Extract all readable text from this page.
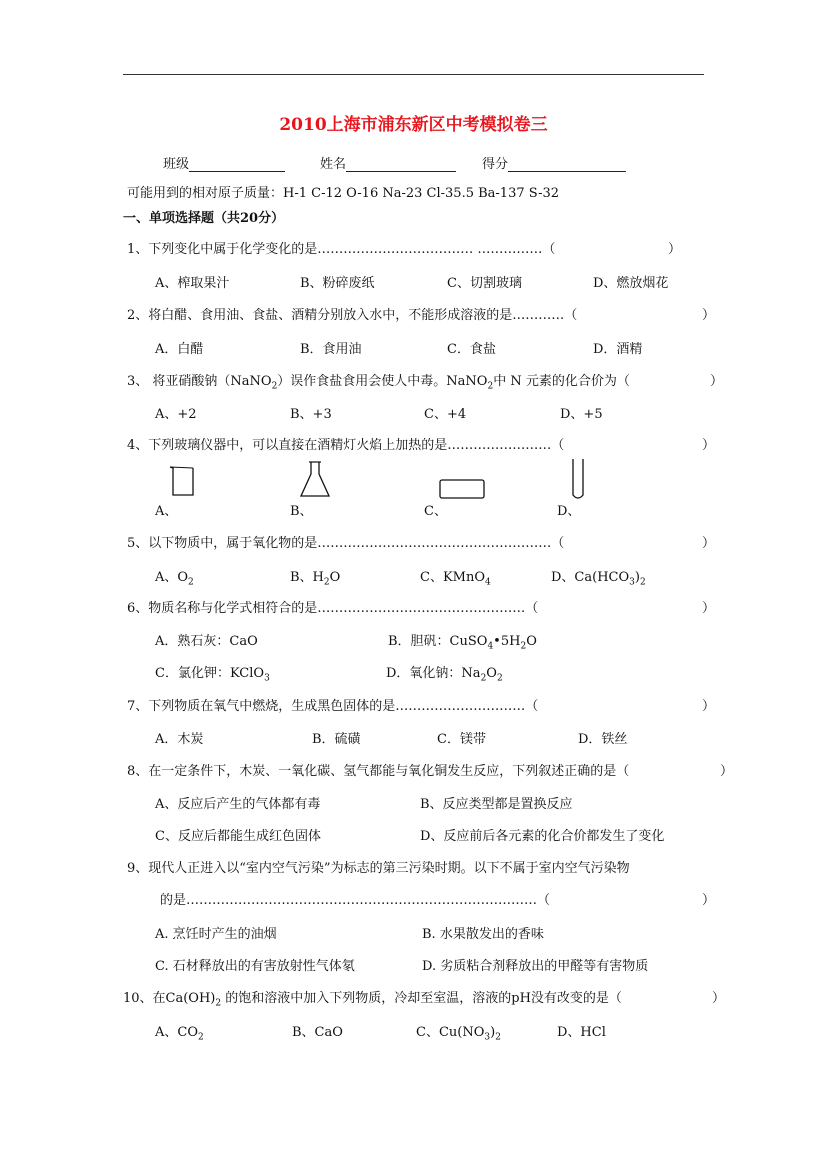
2010上海市浦东新区中考模拟卷三
班级	姓名	得分
可能用到的相对原子质量：H-1 C-12 O-16 Na-23 Cl-35.5 Ba-137 S-32
一、单项选择题（共20分）
1、下列变化中属于化学变化的是……………………………… ……………（	）
A、榨取果汁	B、粉碎废纸	C、切割玻璃	D、燃放烟花
2、将白醋、食用油、食盐、酒精分别放入水中，不能形成溶液的是…………（	）
A．白醋	B．食用油	C．食盐	D．酒精
3、 将亚硝酸钠（NaNO$_2$）误作食盐食用会使人中毒。NaNO$_2$中 N 元素的化合价为（	）
A、+2	B、+3	C、+4	D、+5
4、下列玻璃仪器中，可以直接在酒精灯火焰上加热的是……………………（	）
A、	B、	C、	D、
5、以下物质中，属于氧化物的是………………………………………………（	）
A、$O_2$	B、$H_2O$	C、KMnO$_4$	D、$Ca(HCO_3)_2$
6、物质名称与化学式相符合的是…………………………………………（	）
A．熟石灰：CaO	B．胆矾：$CuSO_4•5H_2O$
C．氯化钾：KClO$_3$	D．氧化钠：$Na_2O_2$
7、下列物质在氧气中燃烧，生成黑色固体的是…………………………（	）
A．木炭	B．硫磺	C．镁带	D．铁丝
8、在一定条件下，木炭、一氧化碳、氢气都能与氧化铜发生反应，下列叙述正确的是（	）
A、反应后产生的气体都有毒	B、反应类型都是置换反应
C、反应后都能生成红色固体	D、反应前后各元素的化合价都发生了变化
9、现代人正进入以“室内空气污染”为标志的第三污染时期。以下不属于室内空气污染物
的是………………………………………………………………………（	）
A. 烹饪时产生的油烟	B. 水果散发出的香味
C. 石材释放出的有害放射性气体氡	D. 劣质粘合剂释放出的甲醛等有害物质
10、在$Ca(OH)_2$ 的饱和溶液中加入下列物质，冷却至室温，溶液的pH没有改变的是（	）
A、$CO_2$	B、CaO	C、$Cu(NO_3)_2$	D、HCl
